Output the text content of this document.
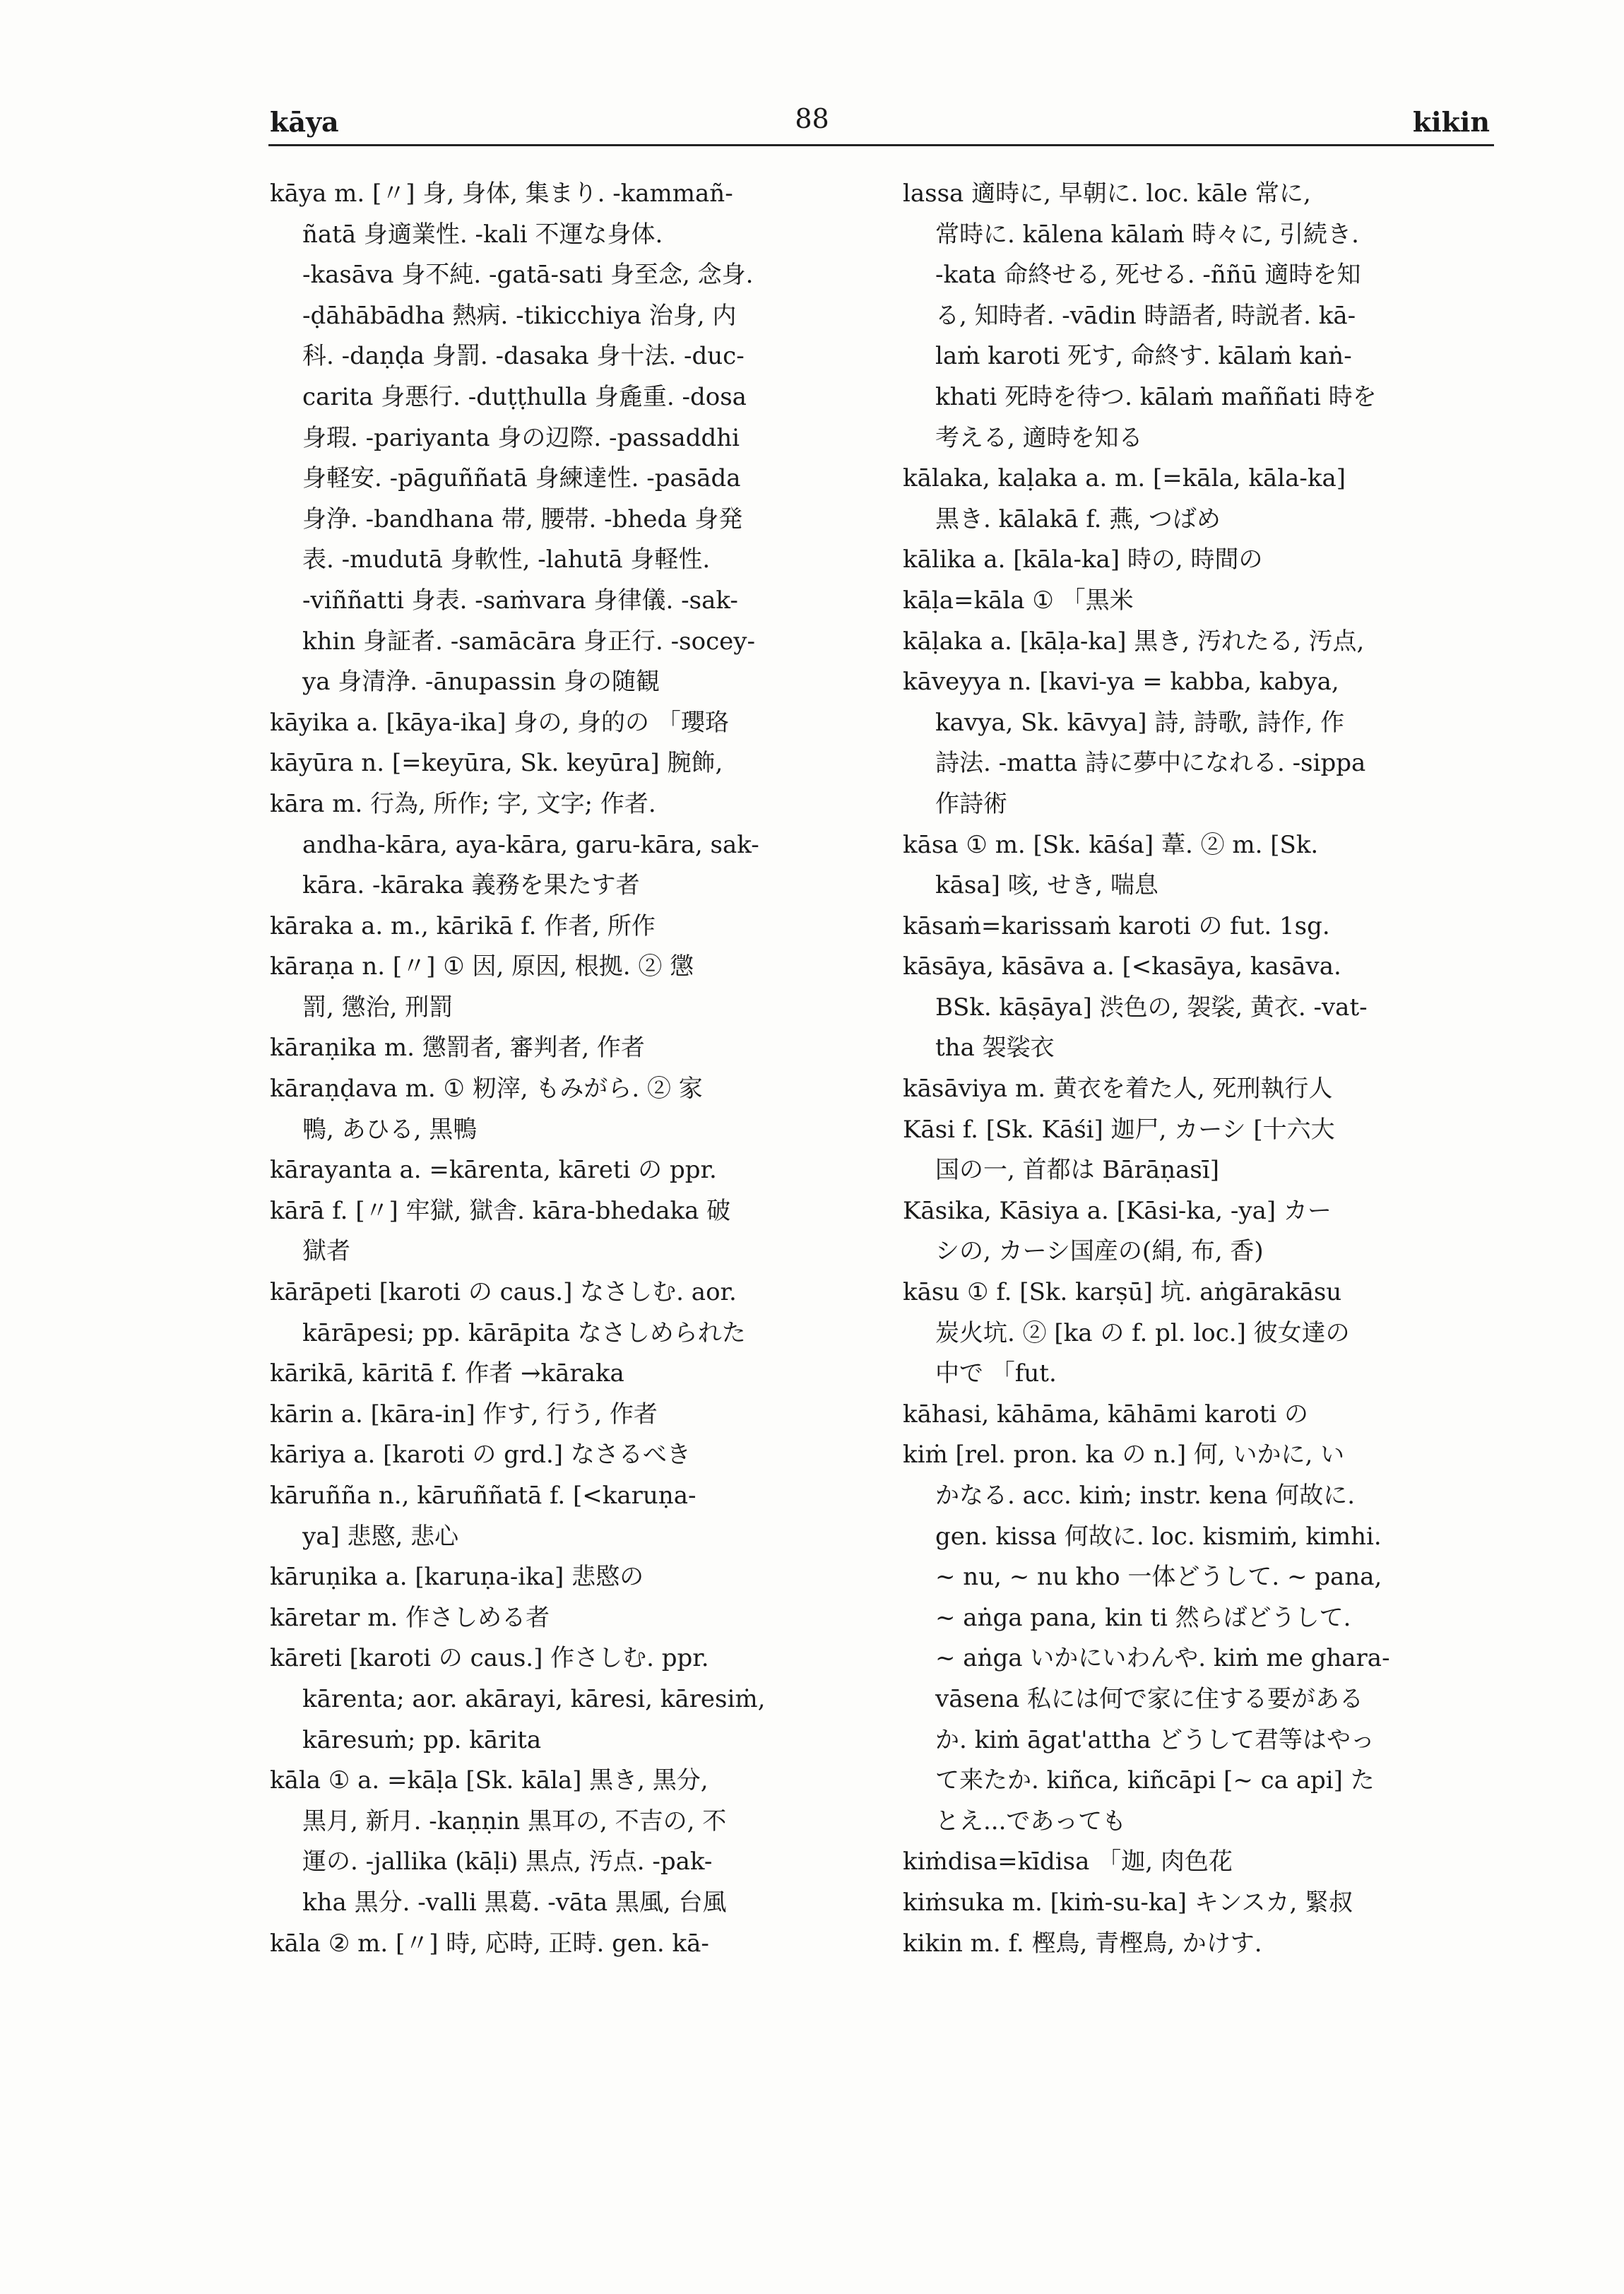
kāya	88	kikin
kāya m. [〃] 身, 身体, 集まり. -kammañ-
ñatā 身適業性. -kali 不運な身体.
-kasāva 身不純. -gatā-sati 身至念, 念身.
-ḍāhābādha 熱病. -tikicchiya 治身, 内
科. -daṇḍa 身罰. -dasaka 身十法. -duc-
carita 身悪行. -duṭṭhulla 身麁重. -dosa
身瑕. -pariyanta 身の辺際. -passaddhi
身軽安. -pāguññatā 身練達性. -pasāda
身浄. -bandhana 帯, 腰帯. -bheda 身発
表. -mudutā 身軟性, -lahutā 身軽性.
-viññatti 身表. -saṁvara 身律儀. -sak-
khin 身証者. -samācāra 身正行. -socey-
ya 身清浄. -ānupassin 身の随観
kāyika a. [kāya-ika] 身の, 身的の 「瓔珞
kāyūra n. [=keyūra, Sk. keyūra] 腕飾,
kāra m. 行為, 所作; 字, 文字; 作者.
andha-kāra, aya-kāra, garu-kāra, sak-
kāra. -kāraka 義務を果たす者
kāraka a. m., kārikā f. 作者, 所作
kāraṇa n. [〃] ① 因, 原因, 根拠. ② 懲
罰, 懲治, 刑罰
kāraṇika m. 懲罰者, 審判者, 作者
kāraṇḍava m. ① 籾滓, もみがら. ② 家
鴨, あひる, 黒鴨
kārayanta a. =kārenta, kāreti の ppr.
kārā f. [〃] 牢獄, 獄舎. kāra-bhedaka 破
獄者
kārāpeti [karoti の caus.] なさしむ. aor.
kārāpesi; pp. kārāpita なさしめられた
kārikā, kāritā f. 作者 →kāraka
kārin a. [kāra-in] 作す, 行う, 作者
kāriya a. [karoti の grd.] なさるべき
kāruñña n., kāruññatā f. [<karuṇa-
ya] 悲愍, 悲心
kāruṇika a. [karuṇa-ika] 悲愍の
kāretar m. 作さしめる者
kāreti [karoti の caus.] 作さしむ. ppr.
kārenta; aor. akārayi, kāresi, kāresiṁ,
kāresuṁ; pp. kārita
kāla ① a. =kāḷa [Sk. kāla] 黒き, 黒分,
黒月, 新月. -kaṇṇin 黒耳の, 不吉の, 不
運の. -jallika (kāḷi) 黒点, 汚点. -pak-
kha 黒分. -valli 黒葛. -vāta 黒風, 台風
kāla ② m. [〃] 時, 応時, 正時. gen. kā-
lassa 適時に, 早朝に. loc. kāle 常に,
常時に. kālena kālaṁ 時々に, 引続き.
-kata 命終せる, 死せる. -ññū 適時を知
る, 知時者. -vādin 時語者, 時説者. kā-
laṁ karoti 死す, 命終す. kālaṁ kaṅ-
khati 死時を待つ. kālaṁ maññati 時を
考える, 適時を知る
kālaka, kaḷaka a. m. [=kāla, kāla-ka]
黒き. kālakā f. 燕, つばめ
kālika a. [kāla-ka] 時の, 時間の
kāḷa=kāla ① 「黒米
kāḷaka a. [kāḷa-ka] 黒き, 汚れたる, 汚点,
kāveyya n. [kavi-ya = kabba, kabya,
kavya, Sk. kāvya] 詩, 詩歌, 詩作, 作
詩法. -matta 詩に夢中になれる. -sippa
作詩術
kāsa ① m. [Sk. kāśa] 葦. ② m. [Sk.
kāsa] 咳, せき, 喘息
kāsaṁ=karissaṁ karoti の fut. 1sg.
kāsāya, kāsāva a. [<kasāya, kasāva.
BSk. kāṣāya] 渋色の, 袈裟, 黄衣. -vat-
tha 袈裟衣
kāsāviya m. 黄衣を着た人, 死刑執行人
Kāsi f. [Sk. Kāśi] 迦尸, カーシ [十六大
国の一, 首都は Bārāṇasī]
Kāsika, Kāsiya a. [Kāsi-ka, -ya] カー
シの, カーシ国産の(絹, 布, 香)
kāsu ① f. [Sk. karṣū] 坑. aṅgārakāsu
炭火坑. ② [ka の f. pl. loc.] 彼女達の
中で 「fut.
kāhasi, kāhāma, kāhāmi karoti の
kiṁ [rel. pron. ka の n.] 何, いかに, い
かなる. acc. kiṁ; instr. kena 何故に.
gen. kissa 何故に. loc. kismiṁ, kimhi.
~ nu, ~ nu kho 一体どうして. ~ pana,
~ aṅga pana, kin ti 然らばどうして.
~ aṅga いかにいわんや. kiṁ me ghara-
vāsena 私には何で家に住する要がある
か. kiṁ āgat'attha どうして君等はやっ
て来たか. kiñca, kiñcāpi [~ ca api] た
とえ...であっても
kiṁdisa=kīdisa 「迦, 肉色花
kiṁsuka m. [kiṁ-su-ka] キンスカ, 緊叔
kikin m. f. 樫鳥, 青樫鳥, かけす.
